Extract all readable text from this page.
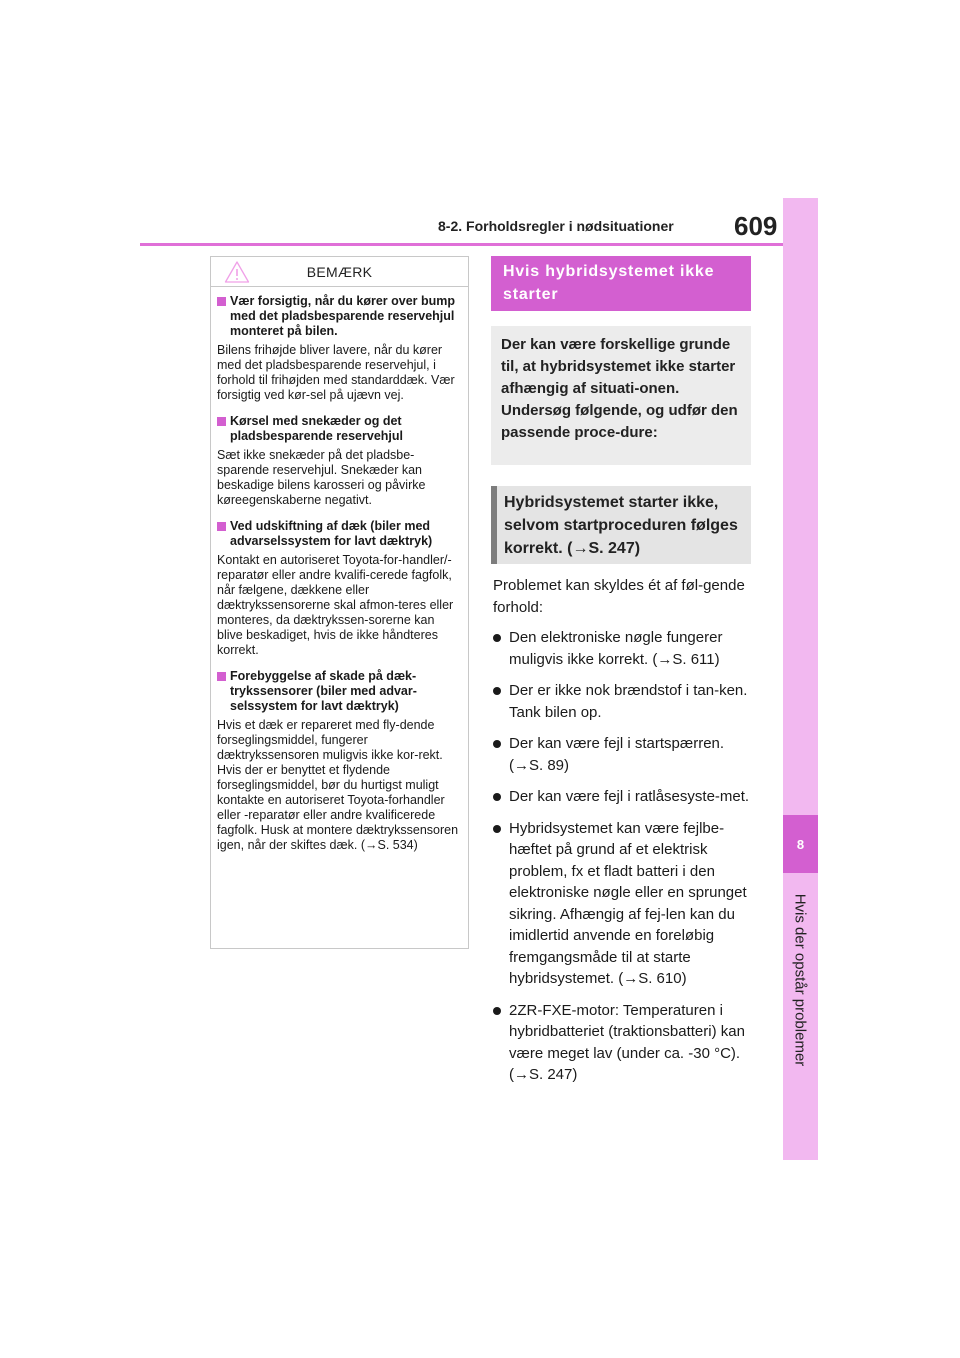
8-2. Forholdsregler i nødsituationer 609
8
Hvis der opstår problemer
BEMÆRK
Vær forsigtig, når du kører over bump med det pladsbesparende reservehjul monteret på bilen.
Bilens frihøjde bliver lavere, når du kører med det pladsbesparende reservehjul, i forhold til frihøjden med standarddæk. Vær forsigtig ved kør-sel på ujævn vej.
Kørsel med snekæder og det pladsbesparende reservehjul
Sæt ikke snekæder på det pladsbe-sparende reservehjul. Snekæder kan beskadige bilens karosseri og påvirke køreegenskaberne negativt.
Ved udskiftning af dæk (biler med advarselssystem for lavt dæktryk)
Kontakt en autoriseret Toyota-for-handler/-reparatør eller andre kvalifi-cerede fagfolk, når fælgene, dækkene eller dæktrykssensorerne skal afmon-teres eller monteres, da dæktrykssen-sorerne kan blive beskadiget, hvis de ikke håndteres korrekt.
Forebyggelse af skade på dæk-trykssensorer (biler med advar-selssystem for lavt dæktryk)
Hvis et dæk er repareret med fly-dende forseglingsmiddel, fungerer dæktrykssensoren muligvis ikke kor-rekt. Hvis der er benyttet et flydende forseglingsmiddel, bør du hurtigst muligt kontakte en autoriseret Toyota-forhandler eller -reparatør eller andre kvalificerede fagfolk. Husk at montere dæktrykssensoren igen, når der skiftes dæk. (→S. 534)
Hvis hybridsystemet ikke starter
Der kan være forskellige grunde til, at hybridsystemet ikke starter afhængig af situati-onen. Undersøg følgende, og udfør den passende proce-dure:
Hybridsystemet starter ikke, selvom startproceduren følges korrekt. (→S. 247)

Problemet kan skyldes ét af føl-gende forhold:

Den elektroniske nøgle fungerer muligvis ikke korrekt. (→S. 611)
Der er ikke nok brændstof i tan-ken. Tank bilen op.
Der kan være fejl i startspærren. (→S. 89)
Der kan være fejl i ratlåsesyste-met.
Hybridsystemet kan være fejlbe-hæftet på grund af et elektrisk problem, fx et fladt batteri i den elektroniske nøgle eller en sprunget sikring. Afhængig af fej-len kan du imidlertid anvende en foreløbig fremgangsmåde til at starte hybridsystemet. (→S. 610)
2ZR-FXE-motor: Temperaturen i hybridbatteriet (traktionsbatteri) kan være meget lav (under ca. -30 °C). (→S. 247)
